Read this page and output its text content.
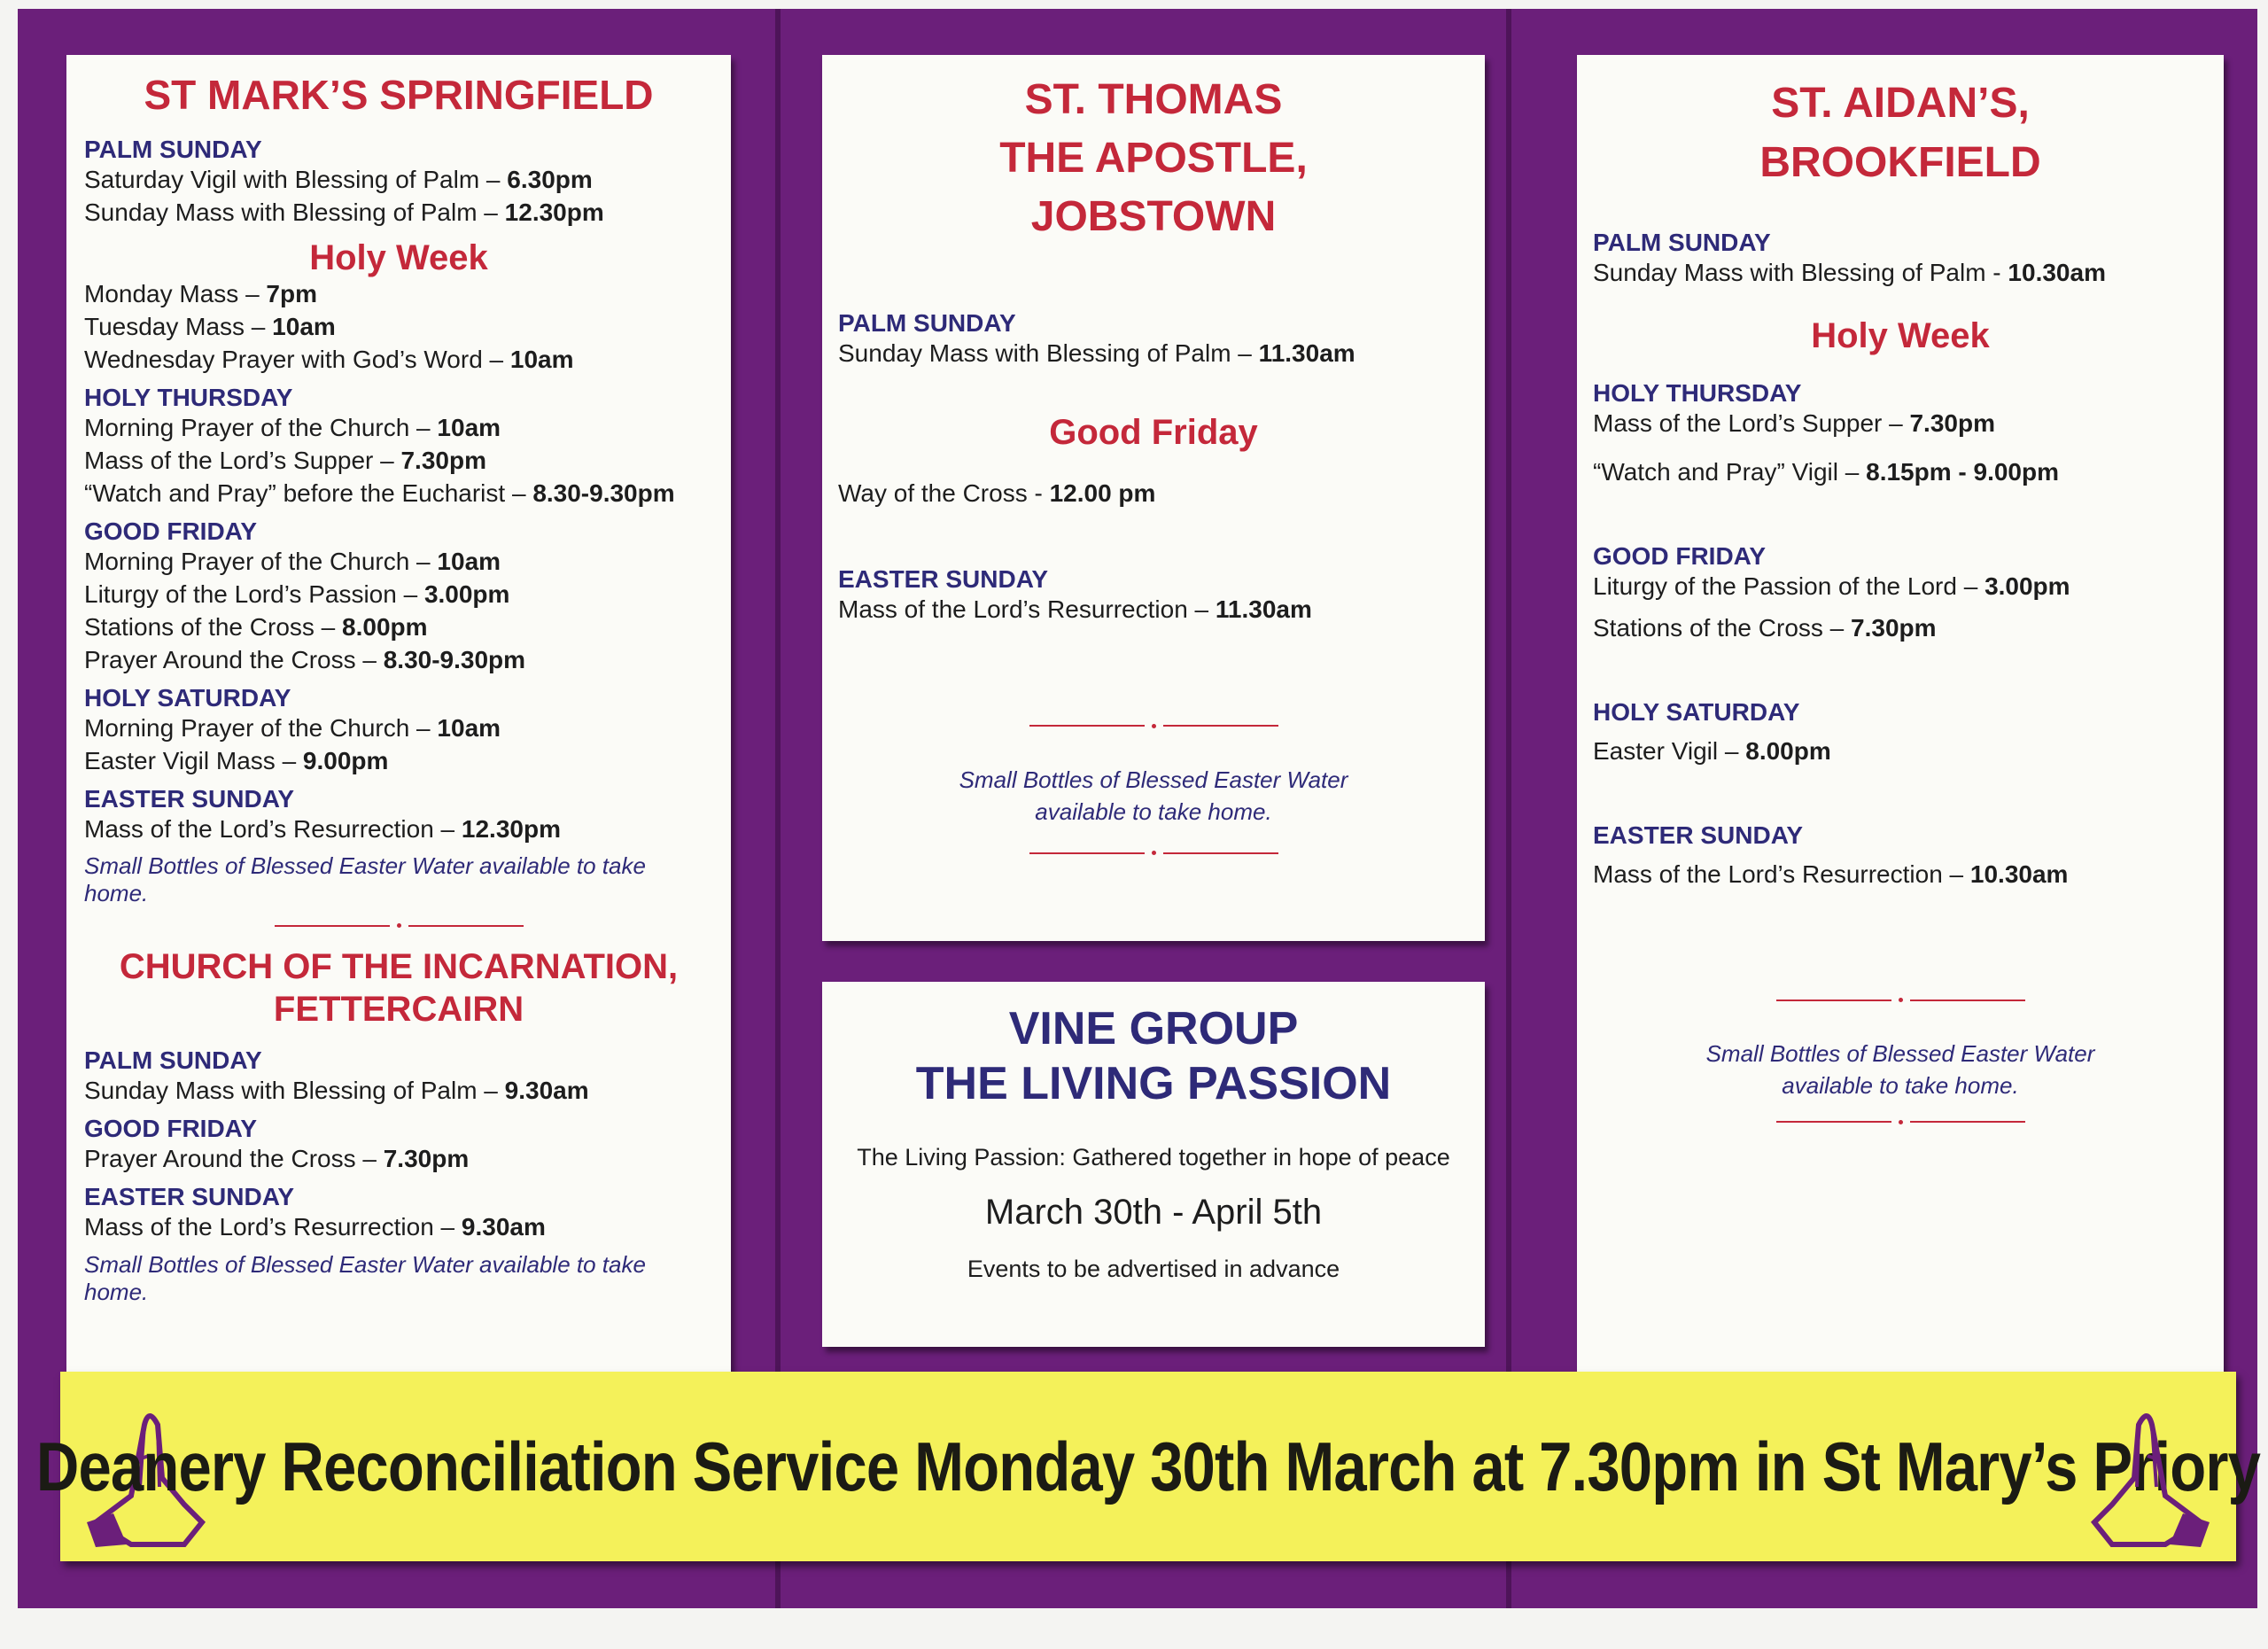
ST MARK’S SPRINGFIELD

PALM SUNDAY

Saturday Vigil with Blessing of Palm – 6.30pm

Sunday Mass with Blessing of Palm – 12.30pm

Holy Week

Monday Mass – 7pm

Tuesday Mass – 10am

Wednesday Prayer with God’s Word – 10am

HOLY THURSDAY

Morning Prayer of the Church – 10am

Mass of the Lord’s Supper – 7.30pm

“Watch and Pray” before the Eucharist – 8.30-9.30pm

GOOD FRIDAY

Morning Prayer of the Church – 10am

Liturgy of the Lord’s Passion – 3.00pm

Stations of the Cross – 8.00pm

Prayer Around the Cross – 8.30-9.30pm

HOLY SATURDAY

Morning Prayer of the Church – 10am

Easter Vigil Mass – 9.00pm

EASTER SUNDAY

Mass of the Lord’s Resurrection – 12.30pm

Small Bottles of Blessed Easter Water available to take home.

CHURCH OF THE INCARNATION,

FETTERCAIRN

PALM SUNDAY

Sunday Mass with Blessing of Palm – 9.30am

GOOD FRIDAY

Prayer Around the Cross – 7.30pm

EASTER SUNDAY

Mass of the Lord’s Resurrection – 9.30am

Small Bottles of Blessed Easter Water available to take home.

ST. THOMAS

THE APOSTLE,

JOBSTOWN

PALM SUNDAY

Sunday Mass with Blessing of Palm – 11.30am

Good Friday

Way of the Cross - 12.00 pm

EASTER SUNDAY

Mass of the Lord’s Resurrection – 11.30am

Small Bottles of Blessed Easter Water

available to take home.

VINE GROUP

THE LIVING PASSION

The Living Passion: Gathered together in hope of peace

March 30th - April 5th

Events to be advertised in advance

ST. AIDAN’S,

BROOKFIELD

PALM SUNDAY

Sunday Mass with Blessing of Palm - 10.30am

Holy Week

HOLY THURSDAY

Mass of the Lord’s Supper – 7.30pm

“Watch and Pray” Vigil – 8.15pm - 9.00pm

GOOD FRIDAY

Liturgy of the Passion of the Lord – 3.00pm

Stations of the Cross – 7.30pm

HOLY SATURDAY

Easter Vigil – 8.00pm

EASTER SUNDAY

Mass of the Lord’s Resurrection – 10.30am

Small Bottles of Blessed Easter Water

available to take home.

Deanery Reconciliation Service Monday 30th March at 7.30pm in St Mary’s Priory
